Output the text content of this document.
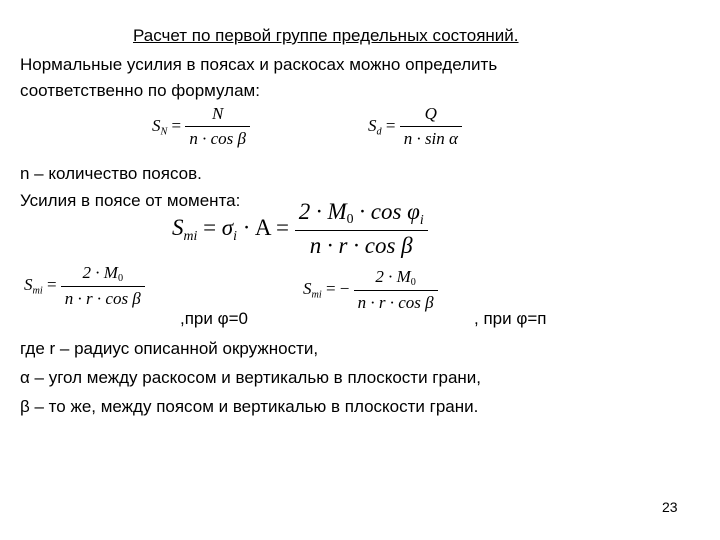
Расчет по первой группе предельных состояний.
Нормальные усилия в поясах и раскосах можно определить
соответственно по формулам:
$S_N = \frac{N}{\text{n · cos β}}$	$S_d = \frac{Q}{\text{n · sin α}}$
n – количество поясов.
Усилия в поясе от момента:
$S_{mi} = \sigma_i \cdot A = \frac{2 \cdot M0 \cdot \cos \varphi_i}{\text{n · r · cos β}}$
$S_{mi} = \frac{2 \cdot M0}{\text{n · r · cos β}}$	$S_{mi}$ = − $\frac{2 \cdot M0}{\text{n · r · cos β}}$
,при φ=0	, при φ=п
где r – радиус описанной окружности,
α – угол между раскосом и вертикалью в плоскости грани,
β – то же, между поясом и вертикалью в плоскости грани.
23
